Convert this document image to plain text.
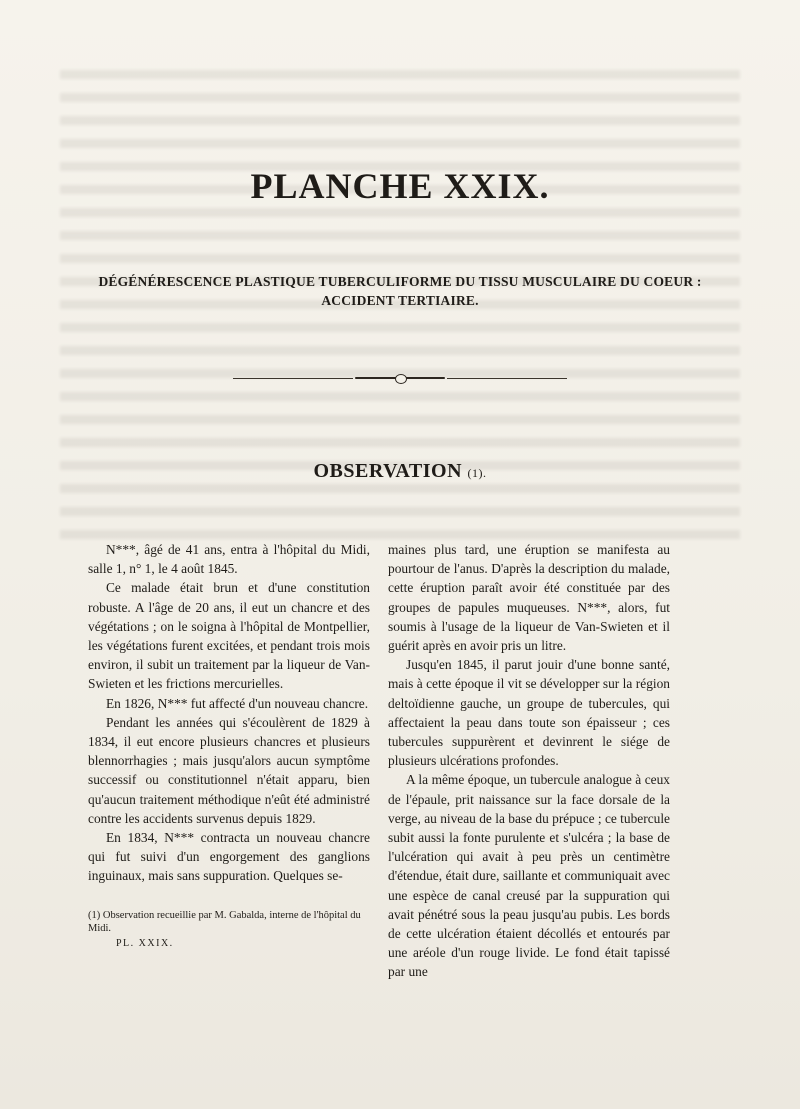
PLANCHE XXIX.
DÉGÉNÉRESCENCE PLASTIQUE TUBERCULIFORME DU TISSU MUSCULAIRE DU COEUR : ACCIDENT TERTIAIRE.
OBSERVATION (1).

N***, âgé de 41 ans, entra à l'hôpital du Midi, salle 1, n° 1, le 4 août 1845.

Ce malade était brun et d'une constitution robuste. A l'âge de 20 ans, il eut un chancre et des végétations ; on le soigna à l'hôpital de Montpellier, les végétations furent excitées, et pendant trois mois environ, il subit un traitement par la liqueur de Van-Swieten et les frictions mercurielles.

En 1826, N*** fut affecté d'un nouveau chancre.

Pendant les années qui s'écoulèrent de 1829 à 1834, il eut encore plusieurs chancres et plusieurs blennorrhagies ; mais jusqu'alors aucun symptôme successif ou constitutionnel n'était apparu, bien qu'aucun traitement méthodique n'eût été administré contre les accidents survenus depuis 1829.

En 1834, N*** contracta un nouveau chancre qui fut suivi d'un engorgement des ganglions inguinaux, mais sans suppuration. Quelques se-

maines plus tard, une éruption se manifesta au pourtour de l'anus. D'après la description du malade, cette éruption paraît avoir été constituée par des groupes de papules muqueuses. N***, alors, fut soumis à l'usage de la liqueur de Van-Swieten et il guérit après en avoir pris un litre.

Jusqu'en 1845, il parut jouir d'une bonne santé, mais à cette époque il vit se développer sur la région deltoïdienne gauche, un groupe de tubercules, qui affectaient la peau dans toute son épaisseur ; ces tubercules suppurèrent et devinrent le siége de plusieurs ulcérations profondes.

A la même époque, un tubercule analogue à ceux de l'épaule, prit naissance sur la face dorsale de la verge, au niveau de la base du prépuce ; ce tubercule subit aussi la fonte purulente et s'ulcéra ; la base de l'ulcération qui avait à peu près un centimètre d'étendue, était dure, saillante et communiquait avec une espèce de canal creusé par la suppuration qui avait pénétré sous la peau jusqu'au pubis. Les bords de cette ulcération étaient décollés et entourés par une aréole d'un rouge livide. Le fond était tapissé par une

(1) Observation recueillie par M. Gabalda, interne de l'hôpital du Midi.
PL. XXIX.
